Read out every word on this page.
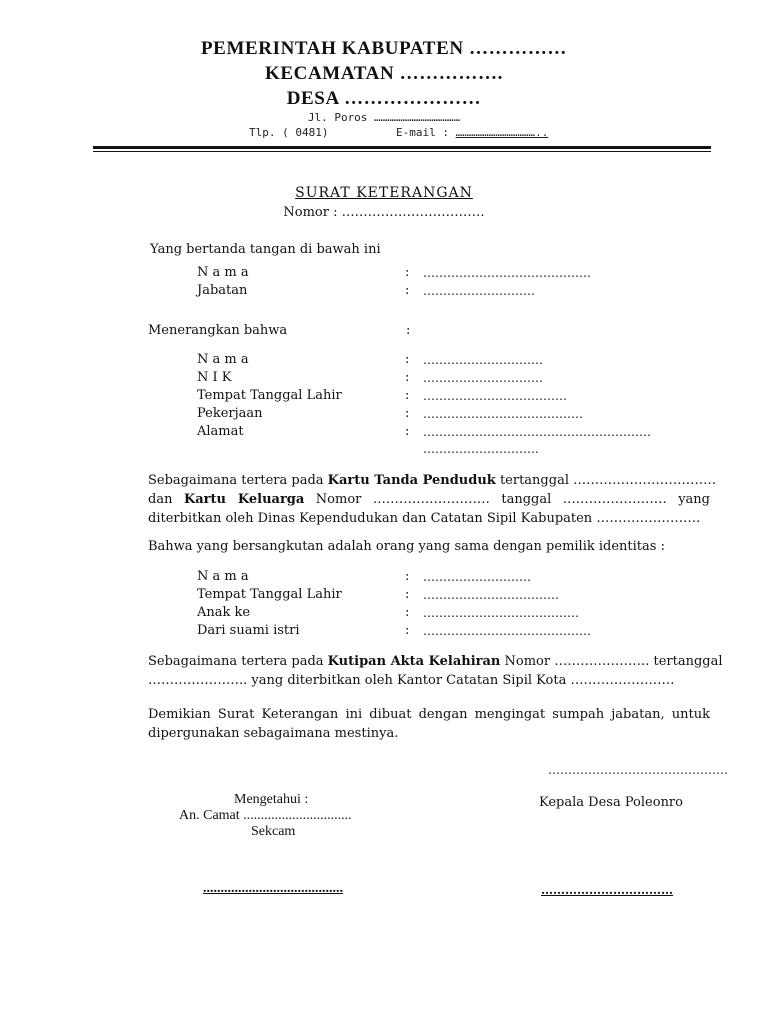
PEMERINTAH KABUPATEN ……………
KECAMATAN …………….
DESA …………………
Jl. Poros …………………………………
Tlp. ( 0481)	E-mail : ………………………………..
SURAT KETERANGAN
Nomor : ……………………………
Yang bertanda tangan di bawah ini
N a m a	: ……………………………………
Jabatan	: ……………………….
Menerangkan bahwa	:
N a m a	: …………………………
N I K	: …………………………
Tempat Tanggal Lahir	: ………………………………
Pekerjaan	: ………………………………….
Alamat	: …………………………………………………
………………………..
Sebagaimana tertera pada Kartu Tanda Penduduk tertanggal ……………………………
dan Kartu Keluarga Nomor ……………………… tanggal …………………… yang
diterbitkan oleh Dinas Kependudukan dan Catatan Sipil Kabupaten ……………………
Bahwa yang bersangkutan adalah orang yang sama dengan pemilik identitas :
N a m a	: ………………………
Tempat Tanggal Lahir	: …………………………….
Anak ke	: …………………………………
Dari suami istri	: ……………………………………
Sebagaimana tertera pada Kutipan Akta Kelahiran Nomor …………………. tertanggal
………………….. yang diterbitkan oleh Kantor Catatan Sipil Kota ……………………
Demikian Surat Keterangan ini dibuat dengan mengingat sumpah jabatan, untuk
dipergunakan sebagaimana mestinya.
………………………………………
Mengetahui :
An. Camat ...............................
Sekcam
........................................
Kepala Desa Poleonro
……………………………
